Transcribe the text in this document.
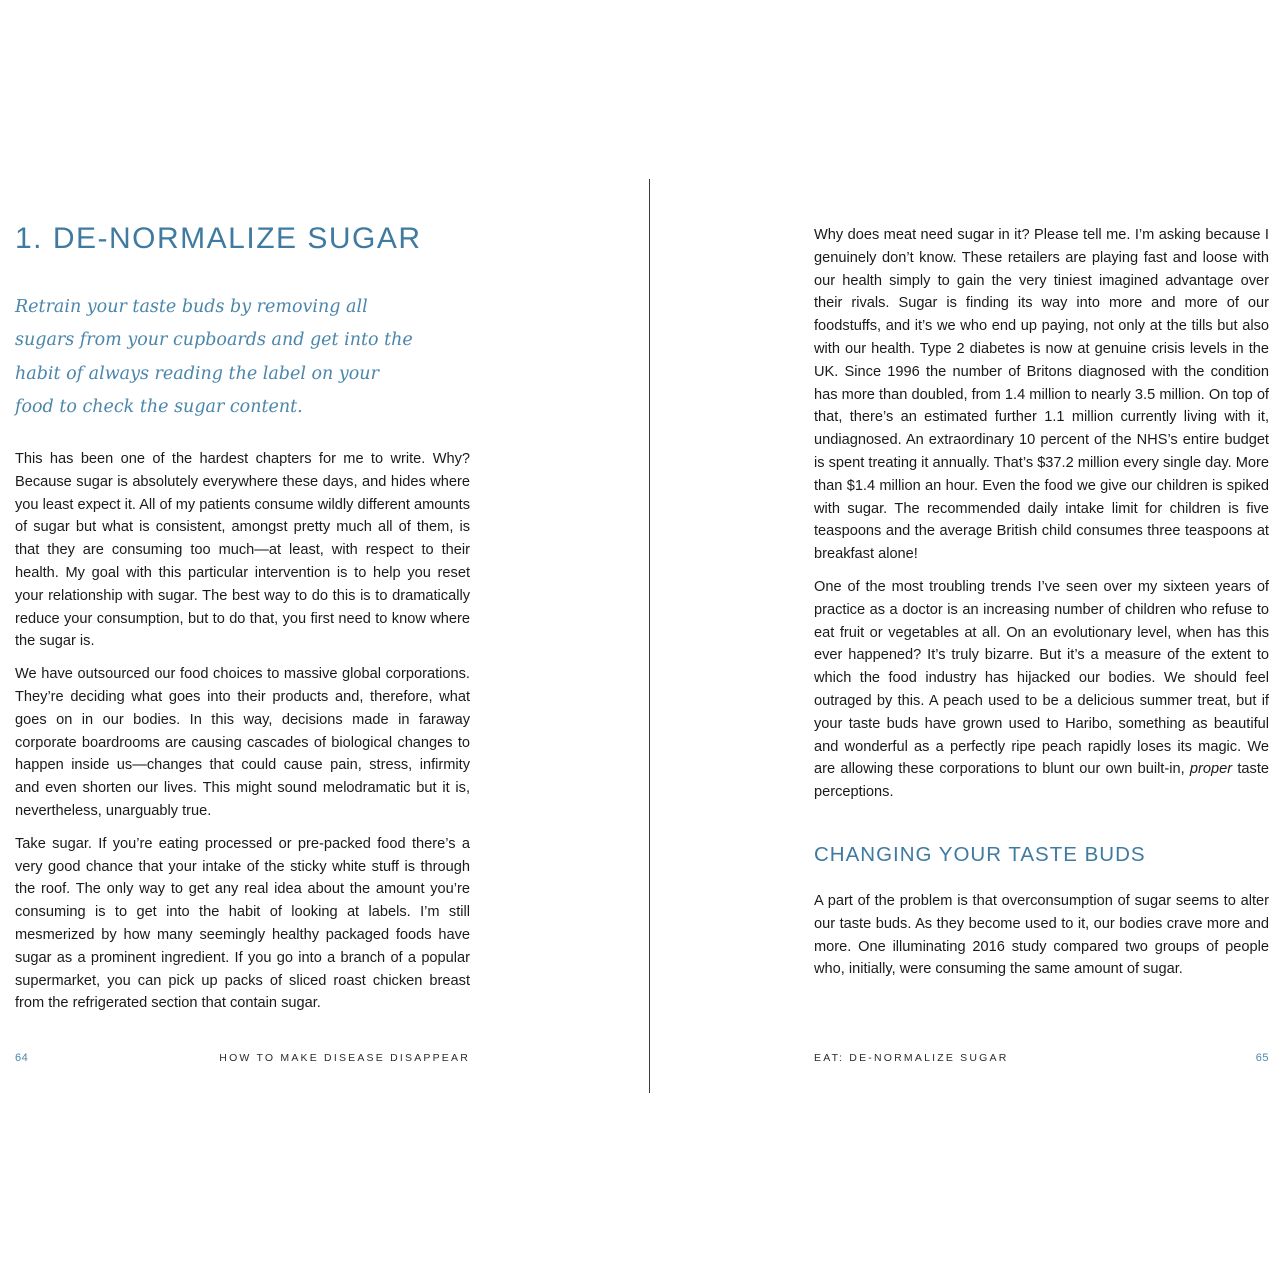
1. DE-NORMALIZE SUGAR

Retrain your taste buds by removing all sugars from your cupboards and get into the habit of always reading the label on your food to check the sugar content.

This has been one of the hardest chapters for me to write. Why? Because sugar is absolutely everywhere these days, and hides where you least expect it. All of my patients consume wildly different amounts of sugar but what is consistent, amongst pretty much all of them, is that they are consuming too much—at least, with respect to their health. My goal with this particular intervention is to help you reset your relationship with sugar. The best way to do this is to dramatically reduce your consumption, but to do that, you first need to know where the sugar is.

We have outsourced our food choices to massive global corporations. They’re deciding what goes into their products and, therefore, what goes on in our bodies. In this way, decisions made in faraway corporate boardrooms are causing cascades of biological changes to happen inside us—changes that could cause pain, stress, infirmity and even shorten our lives. This might sound melodramatic but it is, nevertheless, unarguably true.

Take sugar. If you’re eating processed or pre-packed food there’s a very good chance that your intake of the sticky white stuff is through the roof. The only way to get any real idea about the amount you’re consuming is to get into the habit of looking at labels. I’m still mesmerized by how many seemingly healthy packaged foods have sugar as a prominent ingredient. If you go into a branch of a popular supermarket, you can pick up packs of sliced roast chicken breast from the refrigerated section that contain sugar.

64	HOW TO MAKE DISEASE DISAPPEAR

Why does meat need sugar in it? Please tell me. I’m asking because I genuinely don’t know. These retailers are playing fast and loose with our health simply to gain the very tiniest imagined advantage over their rivals. Sugar is finding its way into more and more of our foodstuffs, and it’s we who end up paying, not only at the tills but also with our health. Type 2 diabetes is now at genuine crisis levels in the UK. Since 1996 the number of Britons diagnosed with the condition has more than doubled, from 1.4 million to nearly 3.5 million. On top of that, there’s an estimated further 1.1 million currently living with it, undiagnosed. An extraordinary 10 percent of the NHS’s entire budget is spent treating it annually. That’s $37.2 million every single day. More than $1.4 million an hour. Even the food we give our children is spiked with sugar. The recommended daily intake limit for children is five teaspoons and the average British child consumes three teaspoons at breakfast alone!

One of the most troubling trends I’ve seen over my sixteen years of practice as a doctor is an increasing number of children who refuse to eat fruit or vegetables at all. On an evolutionary level, when has this ever happened? It’s truly bizarre. But it’s a measure of the extent to which the food industry has hijacked our bodies. We should feel outraged by this. A peach used to be a delicious summer treat, but if your taste buds have grown used to Haribo, something as beautiful and wonderful as a perfectly ripe peach rapidly loses its magic. We are allowing these corporations to blunt our own built-in, proper taste perceptions.

CHANGING YOUR TASTE BUDS

A part of the problem is that overconsumption of sugar seems to alter our taste buds. As they become used to it, our bodies crave more and more. One illuminating 2016 study compared two groups of people who, initially, were consuming the same amount of sugar.

EAT: DE-NORMALIZE SUGAR	65
